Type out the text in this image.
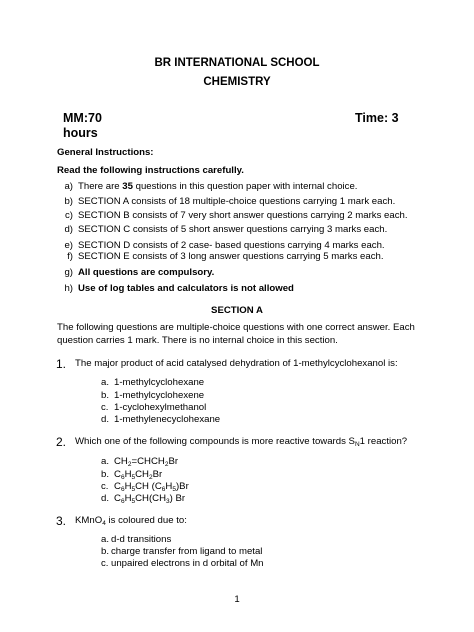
BR INTERNATIONAL SCHOOL
CHEMISTRY
MM:70	Time: 3
hours
General Instructions:
Read the following instructions carefully.
a) There are 35 questions in this question paper with internal choice.
b) SECTION A consists of 18 multiple-choice questions carrying 1 mark each.
c) SECTION B consists of 7 very short answer questions carrying 2 marks each.
d) SECTION C consists of 5 short answer questions carrying 3 marks each.
e) SECTION D consists of 2 case- based questions carrying 4 marks each.
f) SECTION E consists of 3 long answer questions carrying 5 marks each.
g) All questions are compulsory.
h) Use of log tables and calculators is not allowed
SECTION A
The following questions are multiple-choice questions with one correct answer. Each
question carries 1 mark. There is no internal choice in this section.
1. The major product of acid catalysed dehydration of 1-methylcyclohexanol is:
a. 1-methylcyclohexane
b. 1-methylcyclohexene
c. 1-cyclohexylmethanol
d. 1-methylenecyclohexane
2. Which one of the following compounds is more reactive towards $S_N1$ reaction?
a. $CH_2=CHCH_2Br$
b. $C_6H_5CH_2Br$
c. $C_6H_5CH$ $(C_6H_5)Br$
d. $C_6H_5CH(CH_3)$ Br
3. KMnO$_4$ is coloured due to:
a. d-d transitions
b. charge transfer from ligand to metal
c. unpaired electrons in d orbital of Mn
1
